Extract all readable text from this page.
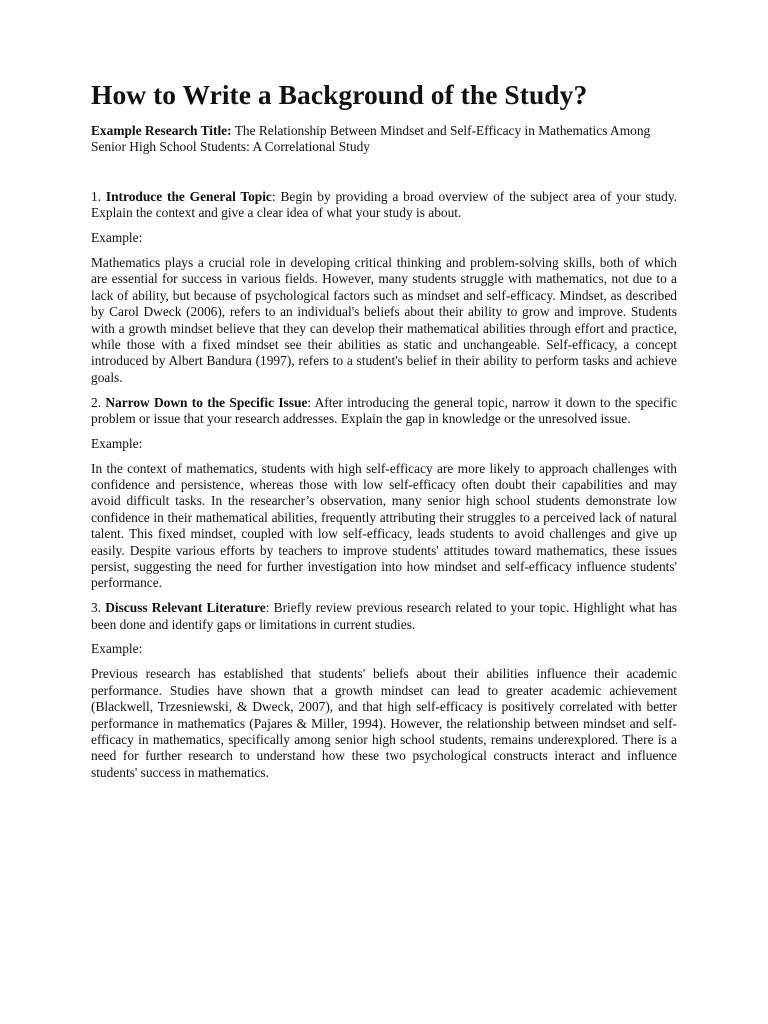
How to Write a Background of the Study?

Example Research Title: The Relationship Between Mindset and Self-Efficacy in Mathematics Among Senior High School Students: A Correlational Study

1. Introduce the General Topic: Begin by providing a broad overview of the subject area of your study. Explain the context and give a clear idea of what your study is about.

Example:

Mathematics plays a crucial role in developing critical thinking and problem-solving skills, both of which are essential for success in various fields. However, many students struggle with mathematics, not due to a lack of ability, but because of psychological factors such as mindset and self-efficacy. Mindset, as described by Carol Dweck (2006), refers to an individual's beliefs about their ability to grow and improve. Students with a growth mindset believe that they can develop their mathematical abilities through effort and practice, while those with a fixed mindset see their abilities as static and unchangeable. Self-efficacy, a concept introduced by Albert Bandura (1997), refers to a student's belief in their ability to perform tasks and achieve goals.

2. Narrow Down to the Specific Issue: After introducing the general topic, narrow it down to the specific problem or issue that your research addresses. Explain the gap in knowledge or the unresolved issue.

Example:

In the context of mathematics, students with high self-efficacy are more likely to approach challenges with confidence and persistence, whereas those with low self-efficacy often doubt their capabilities and may avoid difficult tasks. In the researcher’s observation, many senior high school students demonstrate low confidence in their mathematical abilities, frequently attributing their struggles to a perceived lack of natural talent. This fixed mindset, coupled with low self-efficacy, leads students to avoid challenges and give up easily. Despite various efforts by teachers to improve students' attitudes toward mathematics, these issues persist, suggesting the need for further investigation into how mindset and self-efficacy influence students' performance.

3. Discuss Relevant Literature: Briefly review previous research related to your topic. Highlight what has been done and identify gaps or limitations in current studies.

Example:

Previous research has established that students' beliefs about their abilities influence their academic performance. Studies have shown that a growth mindset can lead to greater academic achievement (Blackwell, Trzesniewski, & Dweck, 2007), and that high self-efficacy is positively correlated with better performance in mathematics (Pajares & Miller, 1994). However, the relationship between mindset and self-efficacy in mathematics, specifically among senior high school students, remains underexplored. There is a need for further research to understand how these two psychological constructs interact and influence students' success in mathematics.
